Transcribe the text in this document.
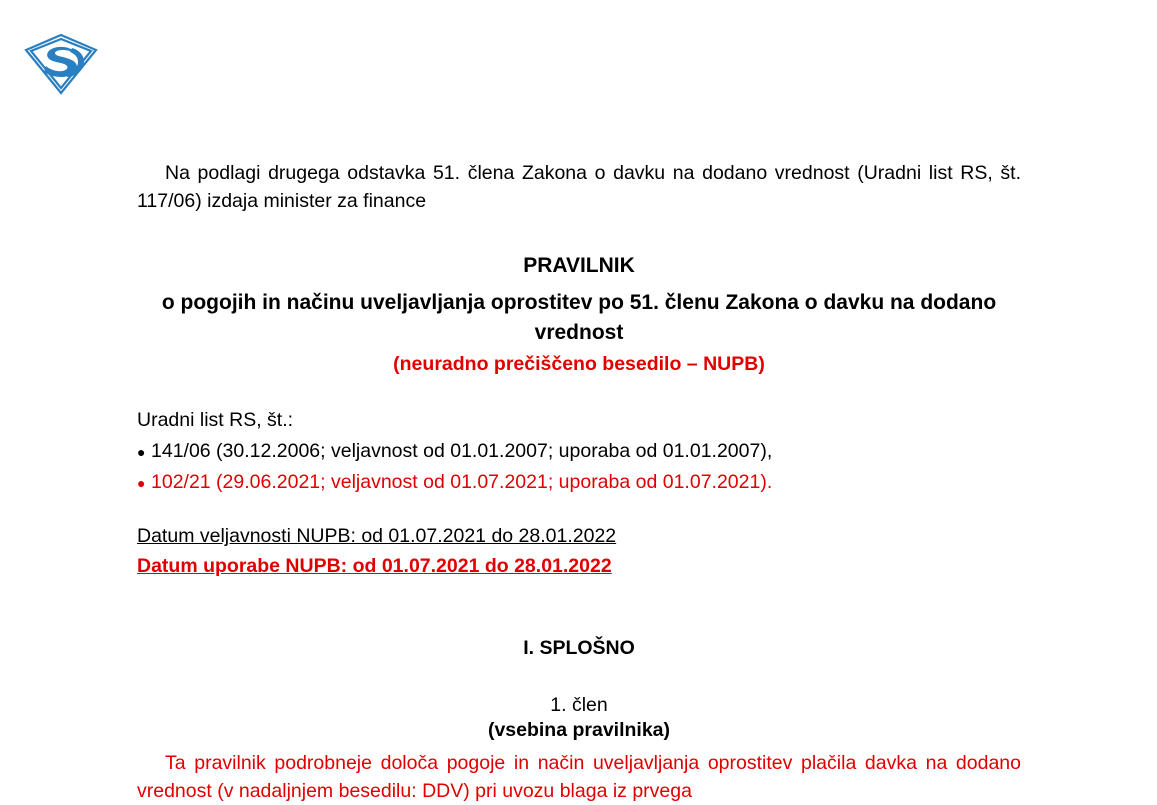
Na podlagi drugega odstavka 51. člena Zakona o davku na dodano vrednost (Uradni list RS, št. 117/06) izdaja minister za finance

PRAVILNIK

o pogojih in načinu uveljavljanja oprostitev po 51. členu Zakona o davku na dodano vrednost

(neuradno prečiščeno besedilo – NUPB)

Uradni list RS, št.:

● 141/06 (30.12.2006; veljavnost od 01.01.2007; uporaba od 01.01.2007),
● 102/21 (29.06.2021; veljavnost od 01.07.2021; uporaba od 01.07.2021).
Datum veljavnosti NUPB: od 01.07.2021 do 28.01.2022
Datum uporabe NUPB: od 01.07.2021 do 28.01.2022

I. SPLOŠNO

1. člen

(vsebina pravilnika)

Ta pravilnik podrobneje določa pogoje in način uveljavljanja oprostitev plačila davka na dodano vrednost (v nadaljnjem besedilu: DDV) pri uvozu blaga iz prvega
